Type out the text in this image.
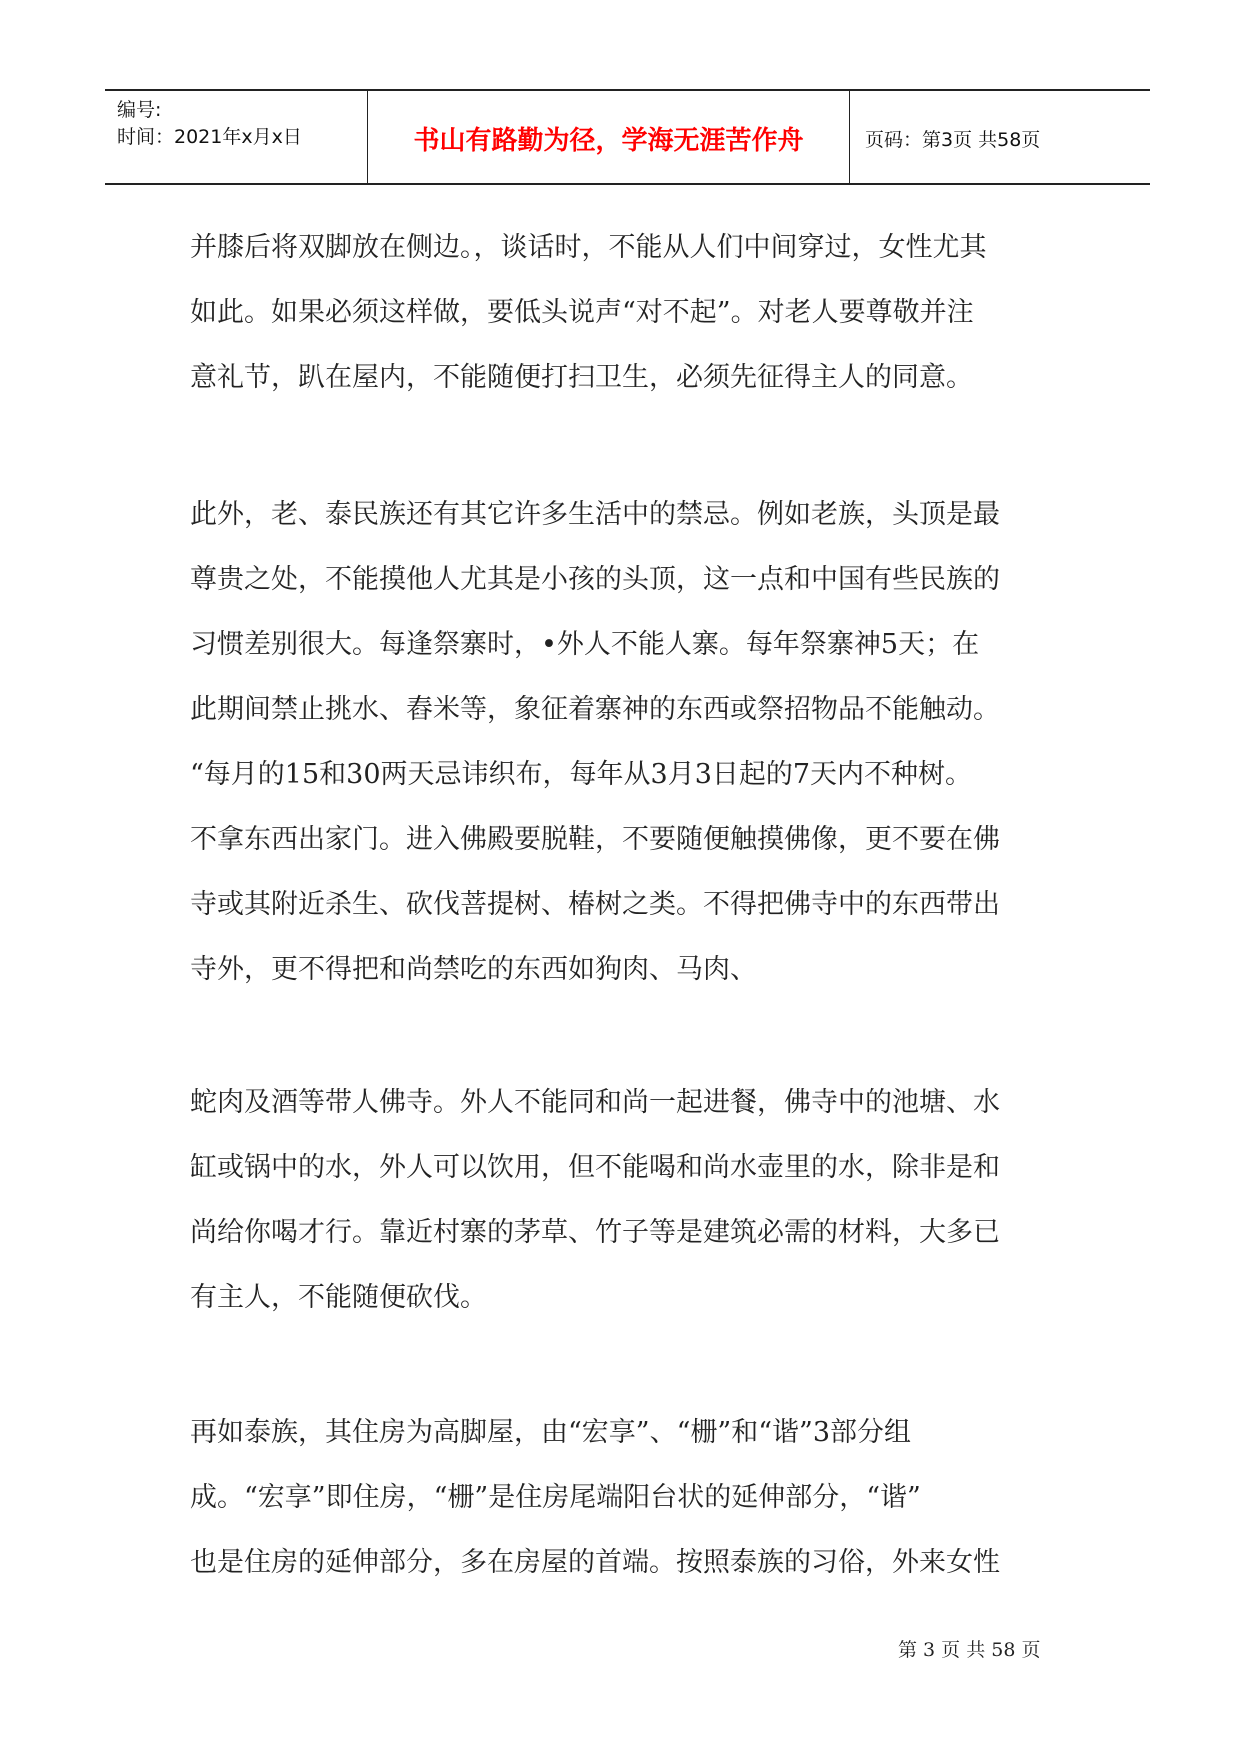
编号:
时间：2021年x月x日	书山有路勤为径，学海无涯苦作舟	页码：第3页 共58页
并膝后将双脚放在侧边。，谈话时，不能从人们中间穿过，女性尤其
如此。如果必须这样做，要低头说声“对不起”。对老人要尊敬并注
意礼节，趴在屋内，不能随便打扫卫生，必须先征得主人的同意。
此外，老、泰民族还有其它许多生活中的禁忌。例如老族，头顶是最
尊贵之处，不能摸他人尤其是小孩的头顶，这一点和中国有些民族的
习惯差别很大。每逢祭寨时，•外人不能人寨。每年祭寨神5天；在
此期间禁止挑水、舂米等，象征着寨神的东西或祭招物品不能触动。
“每月的15和30两天忌讳织布，每年从3月3日起的7天内不种树。
不拿东西出家门。进入佛殿要脱鞋，不要随便触摸佛像，更不要在佛
寺或其附近杀生、砍伐菩提树、椿树之类。不得把佛寺中的东西带出
寺外，更不得把和尚禁吃的东西如狗肉、马肉、
蛇肉及酒等带人佛寺。外人不能同和尚一起进餐，佛寺中的池塘、水
缸或锅中的水，外人可以饮用，但不能喝和尚水壶里的水，除非是和
尚给你喝才行。靠近村寨的茅草、竹子等是建筑必需的材料，大多已
有主人，不能随便砍伐。
再如泰族，其住房为高脚屋，由“宏享”、“栅”和“谐”3部分组
成。“宏享”即住房，“栅”是住房尾端阳台状的延伸部分，“谐”
也是住房的延伸部分，多在房屋的首端。按照泰族的习俗，外来女性
第 3 页 共 58 页
